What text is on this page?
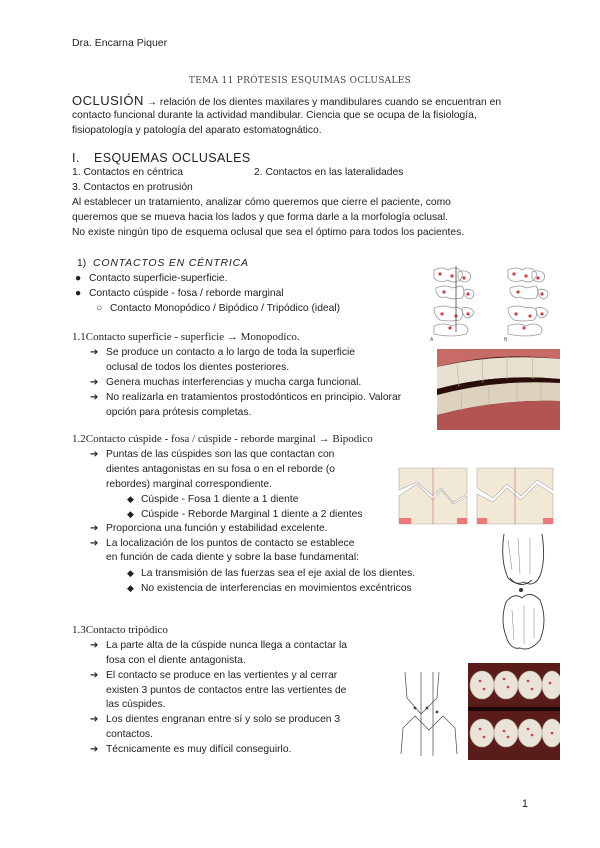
Dra. Encarna Piquer
TEMA 11 PRÓTESIS ESQUIMAS OCLUSALES
OCLUSIÓN → relación de los dientes maxilares y mandibulares cuando se encuentran en
contacto funcional durante la actividad mandibular. Ciencia que se ocupa de la fisiología,
fisiopatología y patología del aparato estomatognático.
I. ESQUEMAS OCLUSALES
1. Contactos en céntrica	2. Contactos en las lateralidades
3. Contactos en protrusión
Al establecer un tratamiento, analizar cómo queremos que cierre el paciente, como
queremos que se mueva hacia los lados y que forma darle a la morfología oclusal.
No existe ningún tipo de esquema oclusal que sea el óptimo para todos los pacientes.
1) CONTACTOS EN CÉNTRICA
● Contacto superficie-superficie.
● Contacto cúspide - fosa / reborde marginal
○ Contacto Monopódico / Bipódico / Tripódico (ideal)
1.1Contacto superficie - superficie → Monopodico.
➔ Se produce un contacto a lo largo de toda la superficie
oclusal de todos los dientes posteriores.
➔ Genera muchas interferencias y mucha carga funcional.
➔ No realizarla en tratamientos prostodónticos en principio. Valorar
opción para prótesis completas.
1.2Contacto cúspide - fosa / cúspide - reborde marginal → Bipodico
➔ Puntas de las cúspides son las que contactan con
dientes antagonistas en su fosa o en el reborde (o
rebordes) marginal correspondiente.
◆ Cúspide - Fosa 1 diente a 1 diente
◆ Cúspide - Reborde Marginal 1 diente a 2 dientes
➔ Proporciona una función y estabilidad excelente.
➔ La localización de los puntos de contacto se establece
en función de cada diente y sobre la base fundamental:
◆ La transmisión de las fuerzas sea el eje axial de los dientes.
◆ No existencia de interferencias en movimientos excéntricos
1.3Contacto tripódico
➔ La parte alta de la cúspide nunca llega a contactar la
fosa con el diente antagonista.
➔ El contacto se produce en las vertientes y al cerrar
existen 3 puntos de contactos entre las vertientes de
las cúspides.
➔ Los dientes engranan entre sí y solo se producen 3
contactos.
➔ Técnicamente es muy difícil conseguirlo.
A	B
1
